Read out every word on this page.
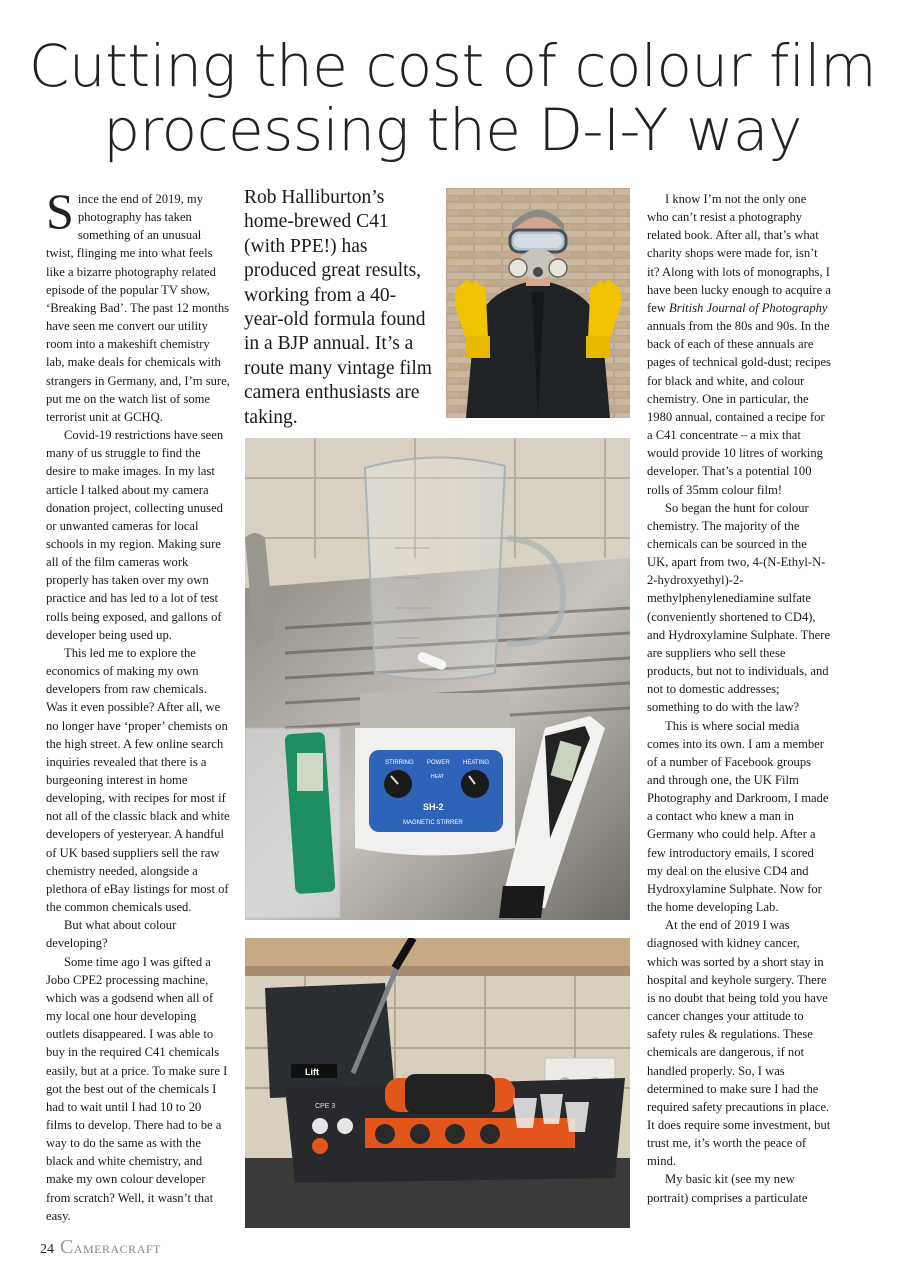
Cutting the cost of colour film
processing the D-I-Y way

Since the end of 2019, my photography has taken something of an unusual twist, flinging me into what feels like a bizarre photography related episode of the popular TV show, ‘Breaking Bad’. The past 12 months have seen me convert our utility room into a makeshift chemistry lab, make deals for chemicals with strangers in Germany, and, I’m sure, put me on the watch list of some terrorist unit at GCHQ.

Covid-19 restrictions have seen many of us struggle to find the desire to make images. In my last article I talked about my camera donation project, collecting unused or unwanted cameras for local schools in my region. Making sure all of the film cameras work properly has taken over my own practice and has led to a lot of test rolls being exposed, and gallons of developer being used up.

This led me to explore the economics of making my own developers from raw chemicals. Was it even possible? After all, we no longer have ‘proper’ chemists on the high street. A few online search inquiries revealed that there is a burgeoning interest in home developing, with recipes for most if not all of the classic black and white developers of yesteryear. A handful of UK based suppliers sell the raw chemistry needed, alongside a plethora of eBay listings for most of the common chemicals used.

But what about colour developing?

Some time ago I was gifted a Jobo CPE2 processing machine, which was a godsend when all of my local one hour developing outlets disappeared. I was able to buy in the required C41 chemicals easily, but at a price. To make sure I got the best out of the chemicals I had to wait until I had 10 to 20 films to develop. There had to be a way to do the same as with the black and white chemistry, and make my own colour developer from scratch? Well, it wasn’t that easy.

Rob Halliburton’s home-brewed C41 (with PPE!) has produced great results, working from a 40-year-old formula found in a BJP annual. It’s a route many vintage film camera enthusiasts are taking.
STIRRING POWER
HEAT
HEATING
SH-2
MAGNETIC STIRRER
Lift
CPE 3

I know I’m not the only one who can’t resist a photography related book. After all, that’s what charity shops were made for, isn’t it? Along with lots of monographs, I have been lucky enough to acquire a few British Journal of Photography annuals from the 80s and 90s. In the back of each of these annuals are pages of technical gold-dust; recipes for black and white, and colour chemistry. One in particular, the 1980 annual, contained a recipe for a C41 concentrate – a mix that would provide 10 litres of working developer. That’s a potential 100 rolls of 35mm colour film!

So began the hunt for colour chemistry. The majority of the chemicals can be sourced in the UK, apart from two, 4-(N-Ethyl-N-2-hydroxyethyl)-2-methylphenylenediamine sulfate (conveniently shortened to CD4), and Hydroxylamine Sulphate. There are suppliers who sell these products, but not to individuals, and not to domestic addresses; something to do with the law?

This is where social media comes into its own. I am a member of a number of Facebook groups and through one, the UK Film Photography and Darkroom, I made a contact who knew a man in Germany who could help. After a few introductory emails, I scored my deal on the elusive CD4 and Hydroxylamine Sulphate. Now for the home developing Lab.

At the end of 2019 I was diagnosed with kidney cancer, which was sorted by a short stay in hospital and keyhole surgery. There is no doubt that being told you have cancer changes your attitude to safety rules & regulations. These chemicals are dangerous, if not handled properly. So, I was determined to make sure I had the required safety precautions in place. It does require some investment, but trust me, it’s worth the peace of mind.

My basic kit (see my new portrait) comprises a particulate

24 CAMERACRAFT
